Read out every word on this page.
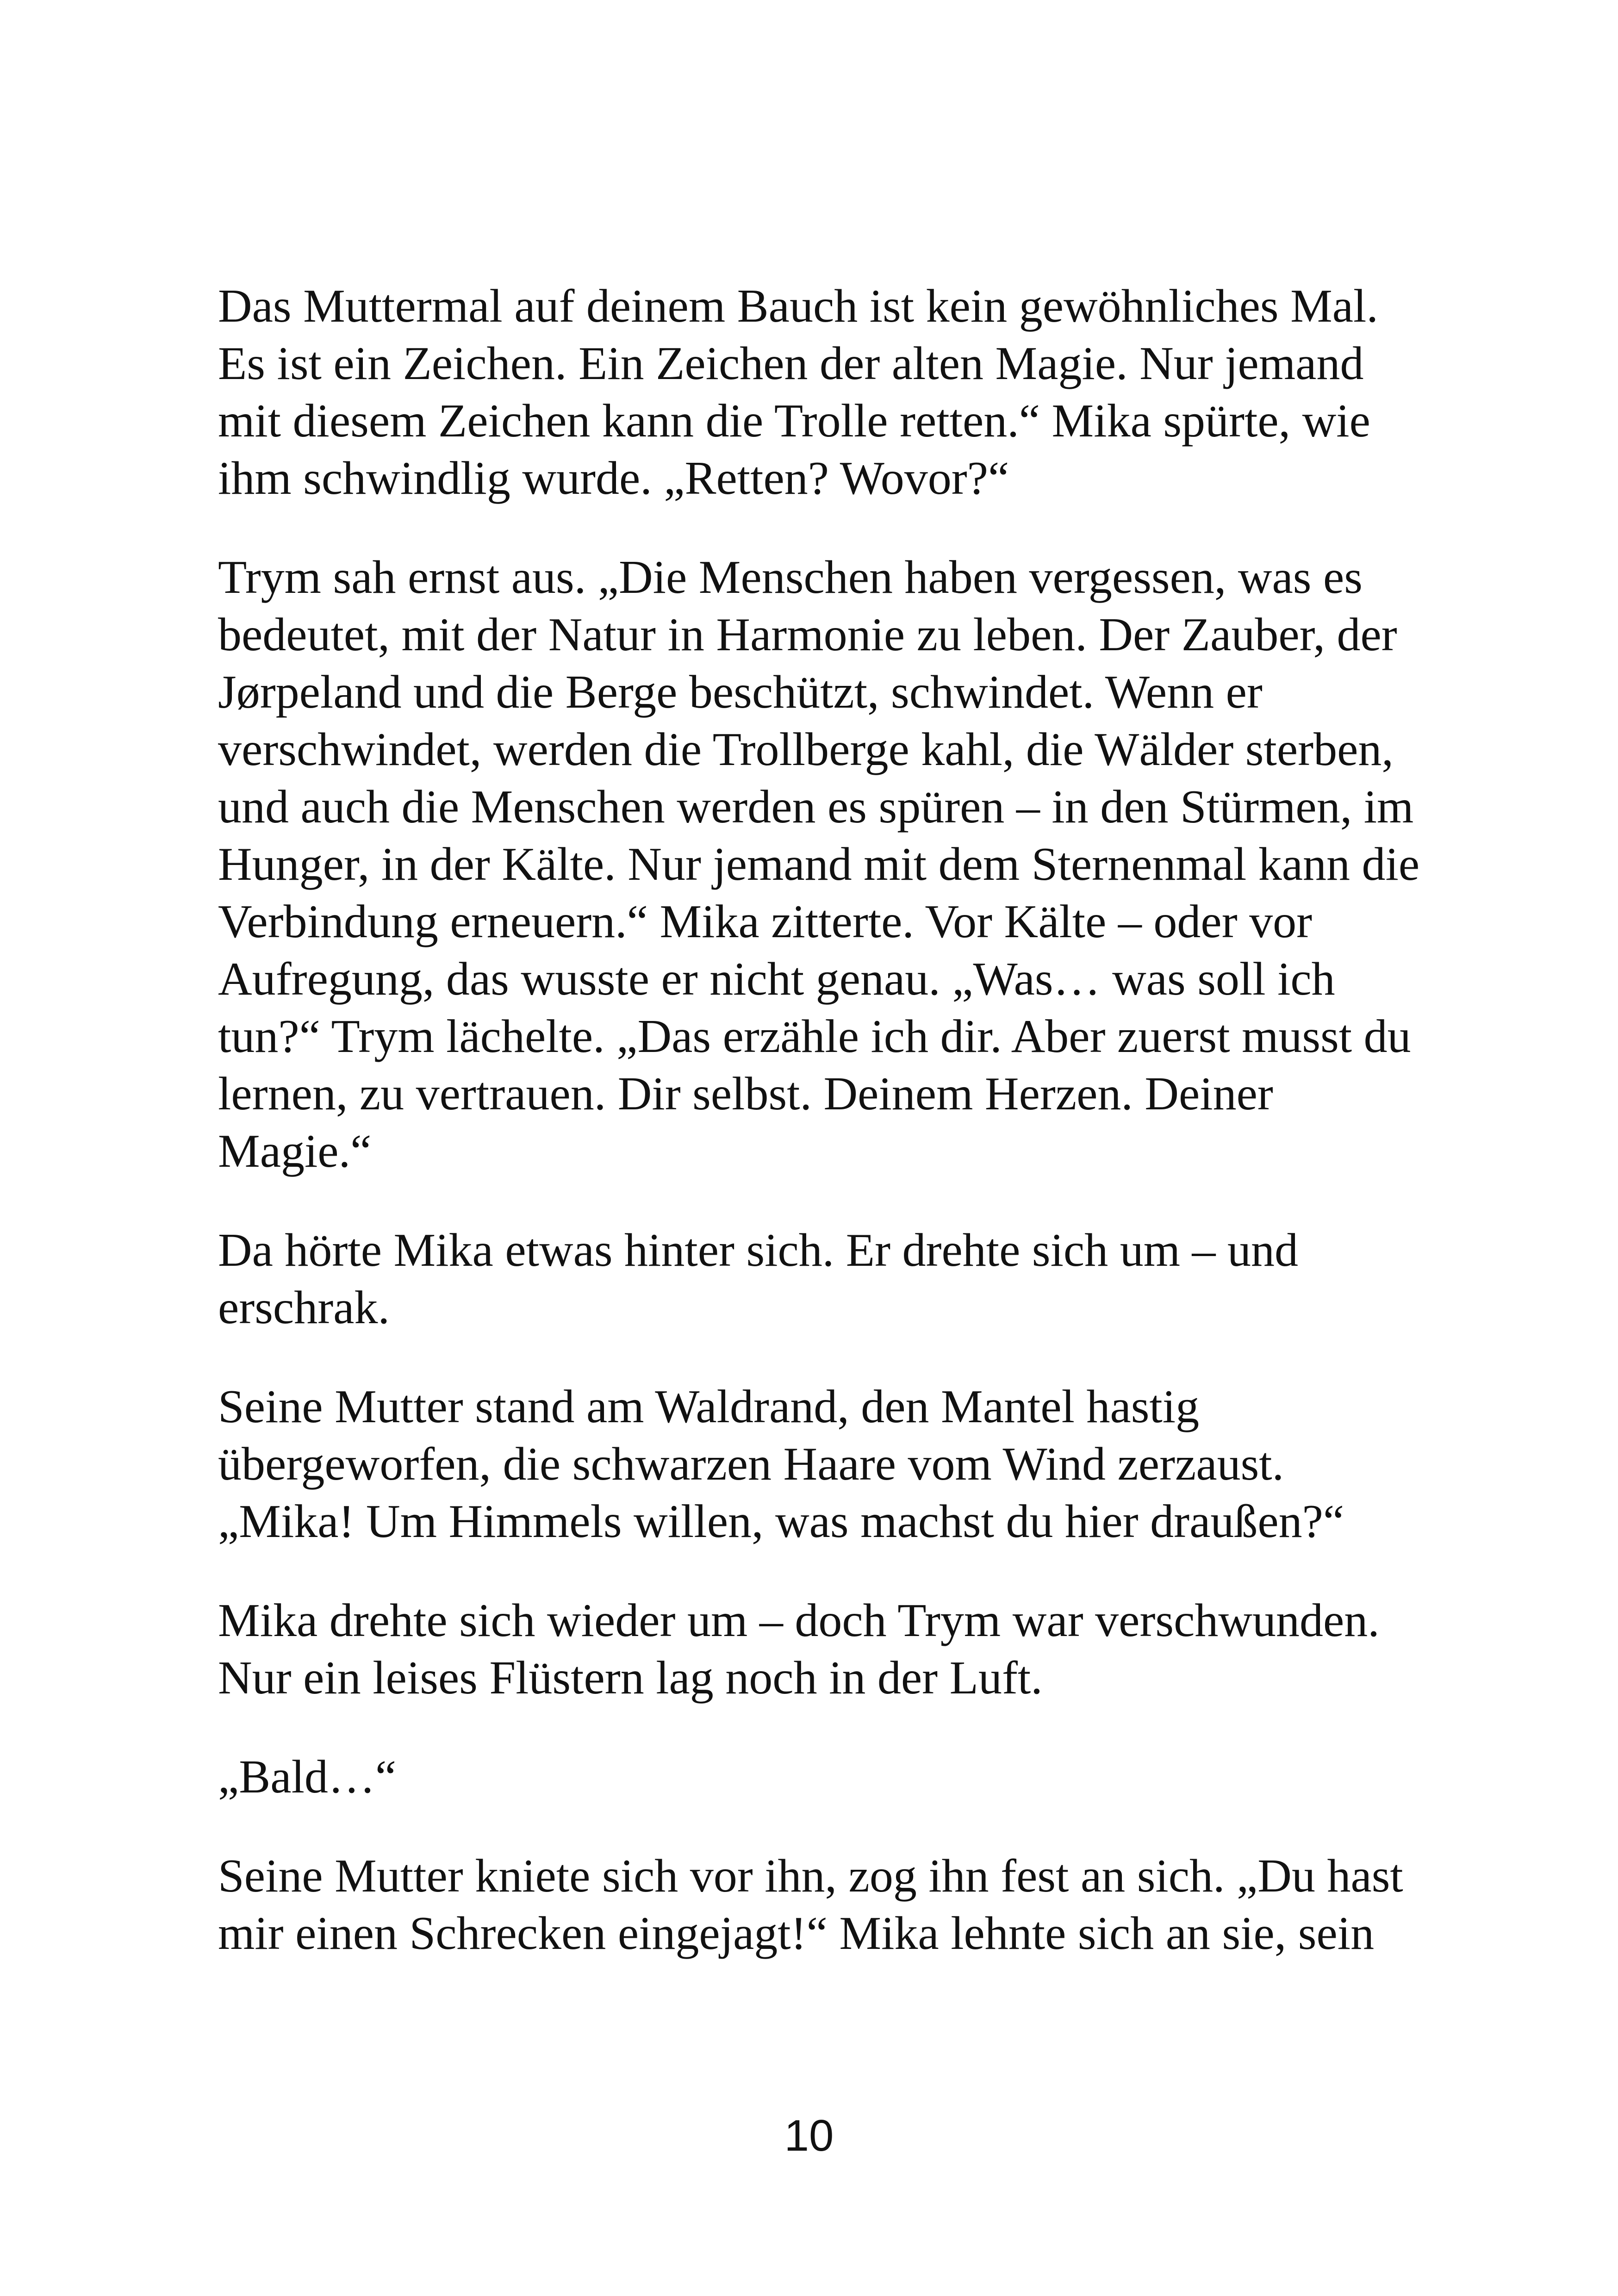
Das Muttermal auf deinem Bauch ist kein gewöhnliches Mal.
Es ist ein Zeichen. Ein Zeichen der alten Magie. Nur jemand
mit diesem Zeichen kann die Trolle retten.“ Mika spürte, wie
ihm schwindlig wurde. „Retten? Wovor?“
Trym sah ernst aus. „Die Menschen haben vergessen, was es
bedeutet, mit der Natur in Harmonie zu leben. Der Zauber, der
Jørpeland und die Berge beschützt, schwindet. Wenn er
verschwindet, werden die Trollberge kahl, die Wälder sterben,
und auch die Menschen werden es spüren – in den Stürmen, im
Hunger, in der Kälte. Nur jemand mit dem Sternenmal kann die
Verbindung erneuern.“ Mika zitterte. Vor Kälte – oder vor
Aufregung, das wusste er nicht genau. „Was… was soll ich
tun?“ Trym lächelte. „Das erzähle ich dir. Aber zuerst musst du
lernen, zu vertrauen. Dir selbst. Deinem Herzen. Deiner
Magie.“
Da hörte Mika etwas hinter sich. Er drehte sich um – und
erschrak.
Seine Mutter stand am Waldrand, den Mantel hastig
übergeworfen, die schwarzen Haare vom Wind zerzaust.
„Mika! Um Himmels willen, was machst du hier draußen?“
Mika drehte sich wieder um – doch Trym war verschwunden.
Nur ein leises Flüstern lag noch in der Luft.
„Bald…“
Seine Mutter kniete sich vor ihn, zog ihn fest an sich. „Du hast
mir einen Schrecken eingejagt!“ Mika lehnte sich an sie, sein
10
